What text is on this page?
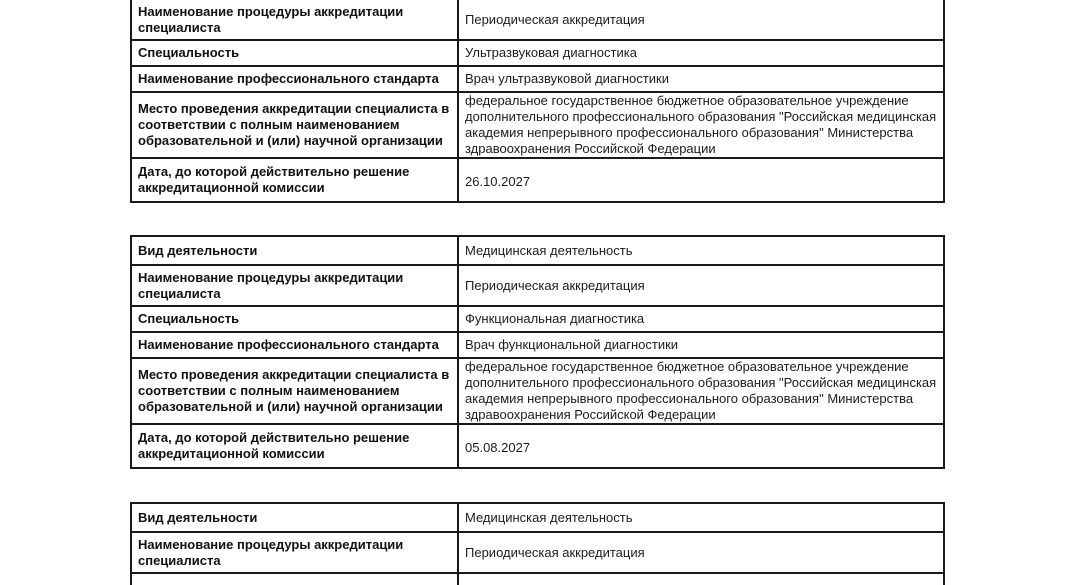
Наименование процедуры аккредитации специалиста	Периодическая аккредитация
Специальность	Ультразвуковая диагностика
Наименование профессионального стандарта	Врач ультразвуковой диагностики
Место проведения аккредитации специалиста в соответствии с полным наименованием образовательной и (или) научной организации	федеральное государственное бюджетное образовательное учреждение дополнительного профессионального образования "Российская медицинская академия непрерывного профессионального образования" Министерства здравоохранения Российской Федерации
Дата, до которой действительно решение аккредитационной комиссии	26.10.2027
Вид деятельности	Медицинская деятельность
Наименование процедуры аккредитации специалиста	Периодическая аккредитация
Специальность	Функциональная диагностика
Наименование профессионального стандарта	Врач функциональной диагностики
Место проведения аккредитации специалиста в соответствии с полным наименованием образовательной и (или) научной организации	федеральное государственное бюджетное образовательное учреждение дополнительного профессионального образования "Российская медицинская академия непрерывного профессионального образования" Министерства здравоохранения Российской Федерации
Дата, до которой действительно решение аккредитационной комиссии	05.08.2027
Вид деятельности	Медицинская деятельность
Наименование процедуры аккредитации специалиста	Периодическая аккредитация
